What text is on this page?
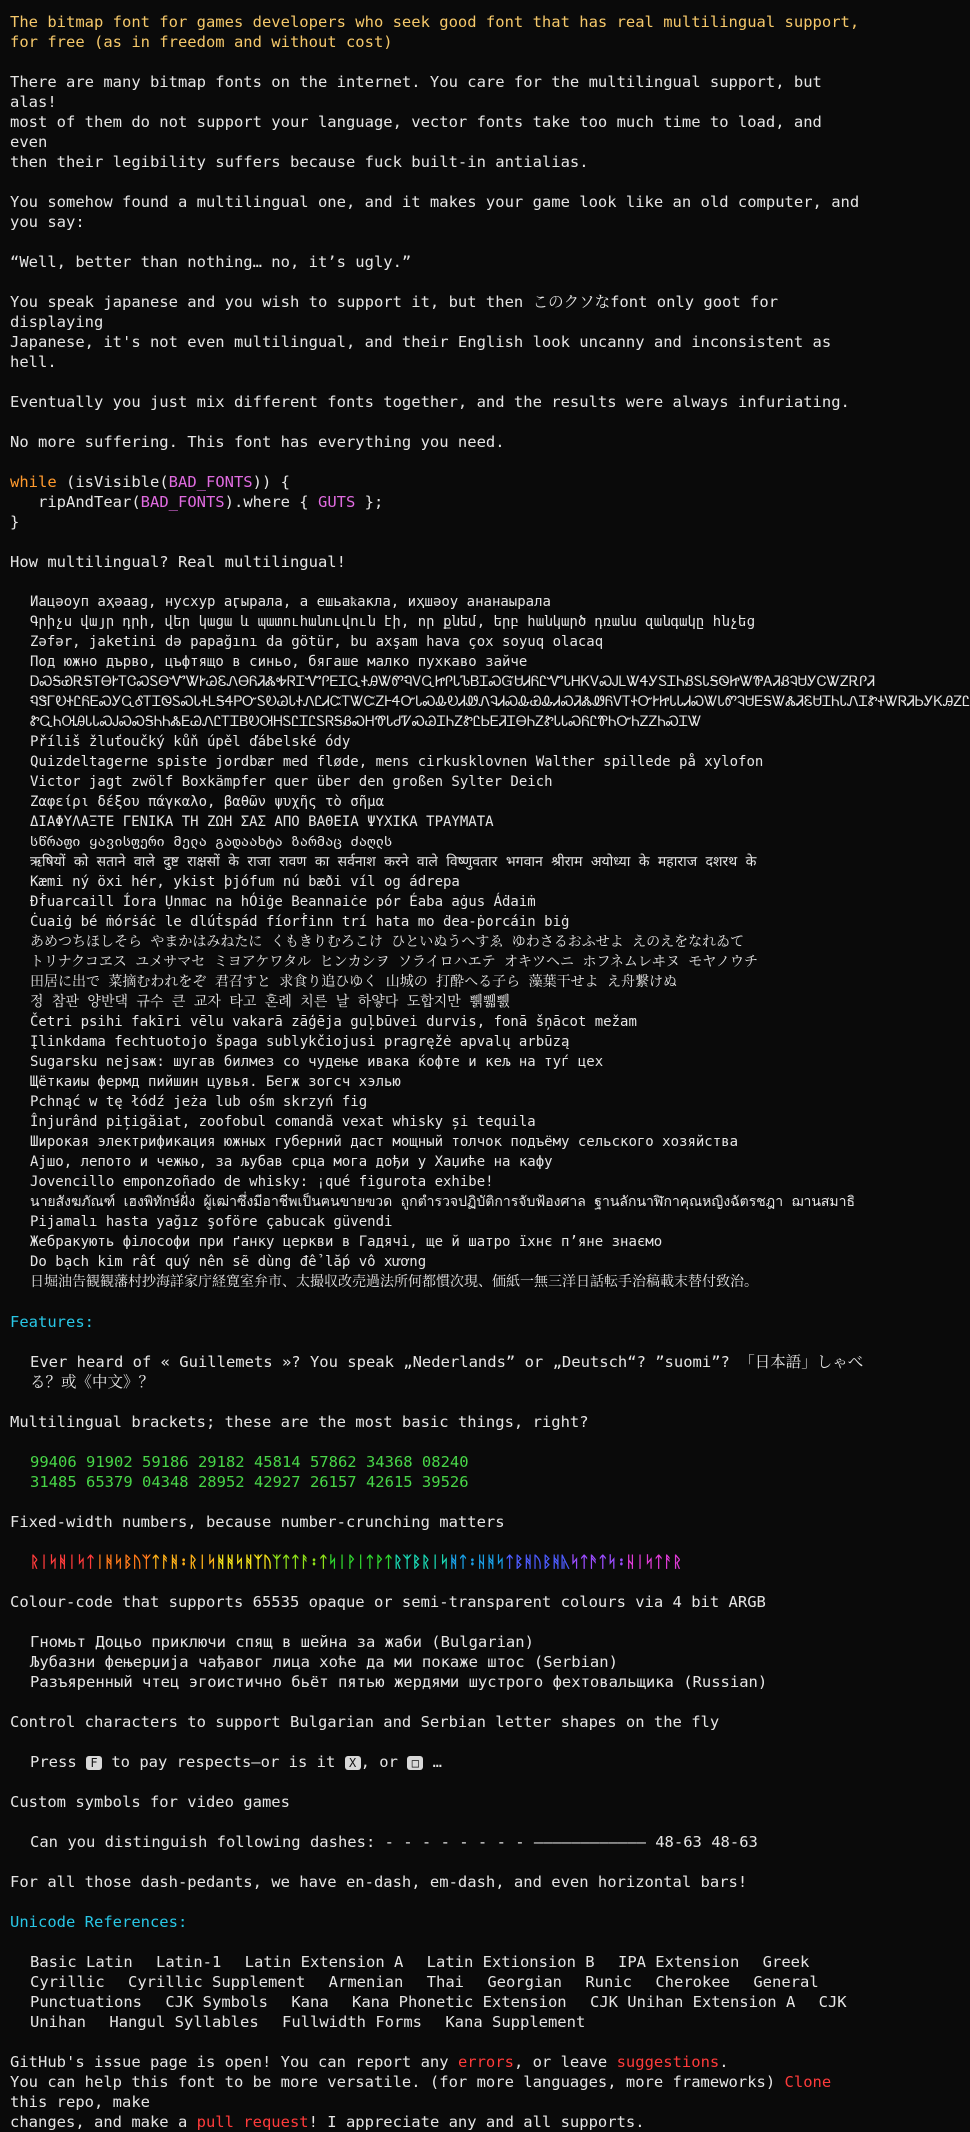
The bitmap font for games developers who seek good font that has real multilingual support,
for free (as in freedom and without cost)

There are many bitmap fonts on the internet. You care for the multilingual support, but alas!
most of them do not support your language, vector fonts take too much time to load, and even
then their legibility suffers because fuck built-in antialias.

You somehow found a multilingual one, and it makes your game look like an old computer, and you say:

“Well, better than nothing… no, it’s ugly.”

You speak japanese and you wish to support it, but then このクソなfont only goot for displaying
Japanese, it's not even multilingual, and their English look uncanny and inconsistent as hell.

Eventually you just mix different fonts together, and the results were always infuriating.

No more suffering. This font has everything you need.

while (isVisible(BAD_FONTS)) {
ripAndTear(BAD_FONTS).where { GUTS };
}

How multilingual? Real multilingual!

Иацәоуп аҳәааg, нусхур аӷырала, а ешьаҟакла, иҳшәоу ананаырала
Գրիչս վայր դրի, վեր կացա և պատուհանուվուն էի, որ քնեմ, երբ հանկարծ դռանս զանգակը հնչեց
Zəfər, jaketini də papağını da götür, bu axşam hava çox soyuq olacaq
Под южно дърво, цъфтящо в синьо, бягаше малко пухкаво зайче
ᎠᏍᎦᏯᎡᎦᎢᎾᎨᎢᏣᏍᏚᎾᏉᏔᎨᏊᏋᏁᎾᏲᏘᏜᎭᏒᏆᏉᎵᎬᏆᏩᏐᎯᏔᏛᏄᏙᏩᏥᎵᏓᏖᏴᏆᏍᏳᏌᏗᏲᏝᏉᏓᎻᏦᏙᏍᎫᏞᏔᏎᎩᏚᏆᏂᏰᏚᏓᎦᏫᏥᏔᏈᎪᏘᏰᎸᏌᎩᏟᏔᏃᎡᎵᏘ
ᏄᏕᎱᎧᏐᏝᏲᎬᏍᎩᏩᎴᎢᏆᏫᏚᏍᏓᏐᏞᎦᏎᏢᏅᏚᎧᏊᏓᏐᏁᏝᏗᏨᎢᏔᏨᏃᎰᏎᏅᏓᏍᎲᎧᏗᏪᏁᎸᏗᏍᎲᏯᎲᏗᏍᏘᏜᏪᏲᏙᎢᏐᏅᎨᏥᏓᏓᏗᏍᏔᏓᏛᎸᏌᎬᎦᏔᏜᏘᏋᏌᏆᏂᏓᏁᏆᏑᏐᏔᏒᏘᏏᎩᏦᎯᏃᏝ
ᏑᏩᏂᎺᎯᏓᏓᏍᎫᏍᏍᎦᏂᏂᏜᎬᏊᏁᏝᎢᏆᏴᎧᎺᎻᏚᏝᏆᏝᏚᏒᎦᏰᏍᎻᏡᏓᏧᏤᏍᏊᏆᏂᏃᏑᏝᏏᎬᏘᏆᎾᏂᏃᏑᏓᏓᏍᏲᏝᏈᏂᏅᏂᏃᏃᏂᏍᏆᏔ
Příliš žluťoučký kůň úpěl ďábelské ódy
Quizdeltagerne spiste jordbær med fløde, mens cirkusklovnen Walther spillede på xylofon
Victor jagt zwölf Boxkämpfer quer über den großen Sylter Deich
Ζαφείρι δέξου πάγκαλο, βαθῶν ψυχῆς τὸ σῆμα
ΔΙΑΦΥΛΑΞΤΕ ΓΕΝΙΚΑ ΤΗ ΖΩΗ ΣΑΣ ΑΠΟ ΒΑΘΕΙΑ ΨΥΧΙΚΑ ΤΡΑΥΜΑΤΑ
სწრაფი ყავისფერი მელა გადაახტა ზარმაც ძაღლს
ऋषियों को सताने वाले दुष्ट राक्षसों के राजा रावण का सर्वनाश करने वाले विष्णुवतार भगवान श्रीराम अयोध्या के महाराज दशरथ के
Kæmi ný öxi hér, ykist þjófum nú bæði víl og ádrepa
Ðḟuarcaill Íora Ụnmac na hÓiġe Beannaiċe pór Éaba aġus Áḋaiṁ
Ċuaiġ bé ṁórṡáċ le dlúṫspád fíorḟinn trí hata mo ḋea-ṗorcáin biġ
あめつちほしそら やまかはみねたに くもきりむろこけ ひといぬうへすゑ ゆわさるおふせよ えのえをなれゐて
トリナクコヱス ユメサマセ ミヨアケワタル ヒンカシヲ ソライロハエテ オキツヘニ ホフネムレヰヌ モヤノウチ
田居に出で 菜摘むわれをぞ 君召すと 求食り追ひゆく 山城の 打酔へる子ら 藻葉干せよ え舟繋けぬ
정 참판 양반댁 규수 큰 교자 타고 혼례 치른 날 하얗다 도합지만 쀍쀏쀐
Četri psihi fakīri vēlu vakarā zāģēja guļbūvei durvis, fonā šņācot mežam
Įlinkdama fechtuotojo špaga sublykčiojusi pragręžė apvalų arbūzą
Sugarsku nejsаж: шугав билмез со чудење ивака ќофте и кељ на туѓ цех
Щёткаиы фермд пийшин цувья. Бегж зогсч хэлью
Pchnąć w tę łódź jeża lub ośm skrzyń fig
Înjurând pițigăiat, zoofobul comandă vexat whisky și tequila
Широкая электрификация южных губерний даст мощный толчок подъёму сельского хозяйства
Ajшо, лепото и чежњо, за љубав срца мога дођи у Хаџиће на кафу
Jovencillo emponzoñado de whisky: ¡qué figurota exhibe!
นายสังฆภัณฑ์ เฮงพิทักษ์ฝั่ง ผู้เฒ่าซึ่งมีอาชีพเป็นฅนขายฃวด ถูกตำรวจปฏิบัติการจับฟ้องศาล ฐานลักนาฬิกาคุณหญิงฉัตรชฎา ฌานสมาธิ
Pijamalı hasta yağız şoföre çabucak güvendi
Жебракують філософи при ґанку церкви в Гадячі, ще й шатро їхнє п’яне знаємо
Do bạch kim rất quý nên sẽ dùng để lắp vô xương
日堀油告観観藩村抄海詳家庁経寛室弁市、太撮収改売過法所何都慣次現、価紙一無三洋日話転手治稿載末替付致治。

Features:

Ever heard of « Guillemets »? You speak „Nederlands” or „Deutsch“? ”suomi”? 「日本語」しゃべる？或《中文》？

Multilingual brackets; these are the most basic things, right?

99406 91902 59186 29182 45814 57862 34368 08240
31485 65379 04348 28952 42927 26157 42615 39526

Fixed-width numbers, because number-crunching matters

ᚱᛁᛋᚻᛁᛋᛏᛁᚻᛋᛒᚢᛉᛏᚨᚻ᛬ᚱᛁᛋᚻᚻᛋᚻᛉᚢᛉᛏᛏᚨ᛬ᛏᛋᛁᚹᛁᛏᚹᛏᚱᛉᛒᚱᛁᛋᚻᛏ᛬ᚺᚻᛋᛏᛒᚻᚢᛒᚻᚣᛋᛏᚫᛏᛋ᛬ᚺᛁᛋᛏᚨᚱ

Colour-code that supports 65535 opaque or semi-transparent colours via 4 bit ARGB

Гномьт Доцьо приключи спящ в шейна за жаби (Bulgarian)
Љубазни фењерџија чађавог лица хоће да ми покаже штос (Serbian)
Разъяренный чтец эгоистично бьёт пятью жердями шустрого фехтовальщика (Russian)

Control characters to support Bulgarian and Serbian letter shapes on the fly

Press F to pay respects—or is it X , or □ …

Custom symbols for video games

Can you distinguish following dashes: - - - - - - - - ———————————— 48-63 48-63

For all those dash-pedants, we have en-dash, em-dash, and even horizontal bars!

Unicode References:

Basic Latin Latin-1 Latin Extension A Latin Extionsion B IPA Extension Greek Cyrillic Cyrillic Supplement Armenian Thai Georgian Runic Cherokee General Punctuations CJK Symbols Kana Kana Phonetic Extension CJK Unihan Extension A CJK Unihan Hangul Syllables Fullwidth Forms Kana Supplement

GitHub's issue page is open! You can report any errors, or leave suggestions.
You can help this font to be more versatile. (for more languages, more frameworks) Clone this repo, make
changes, and make a pull request! I appreciate any and all supports.
